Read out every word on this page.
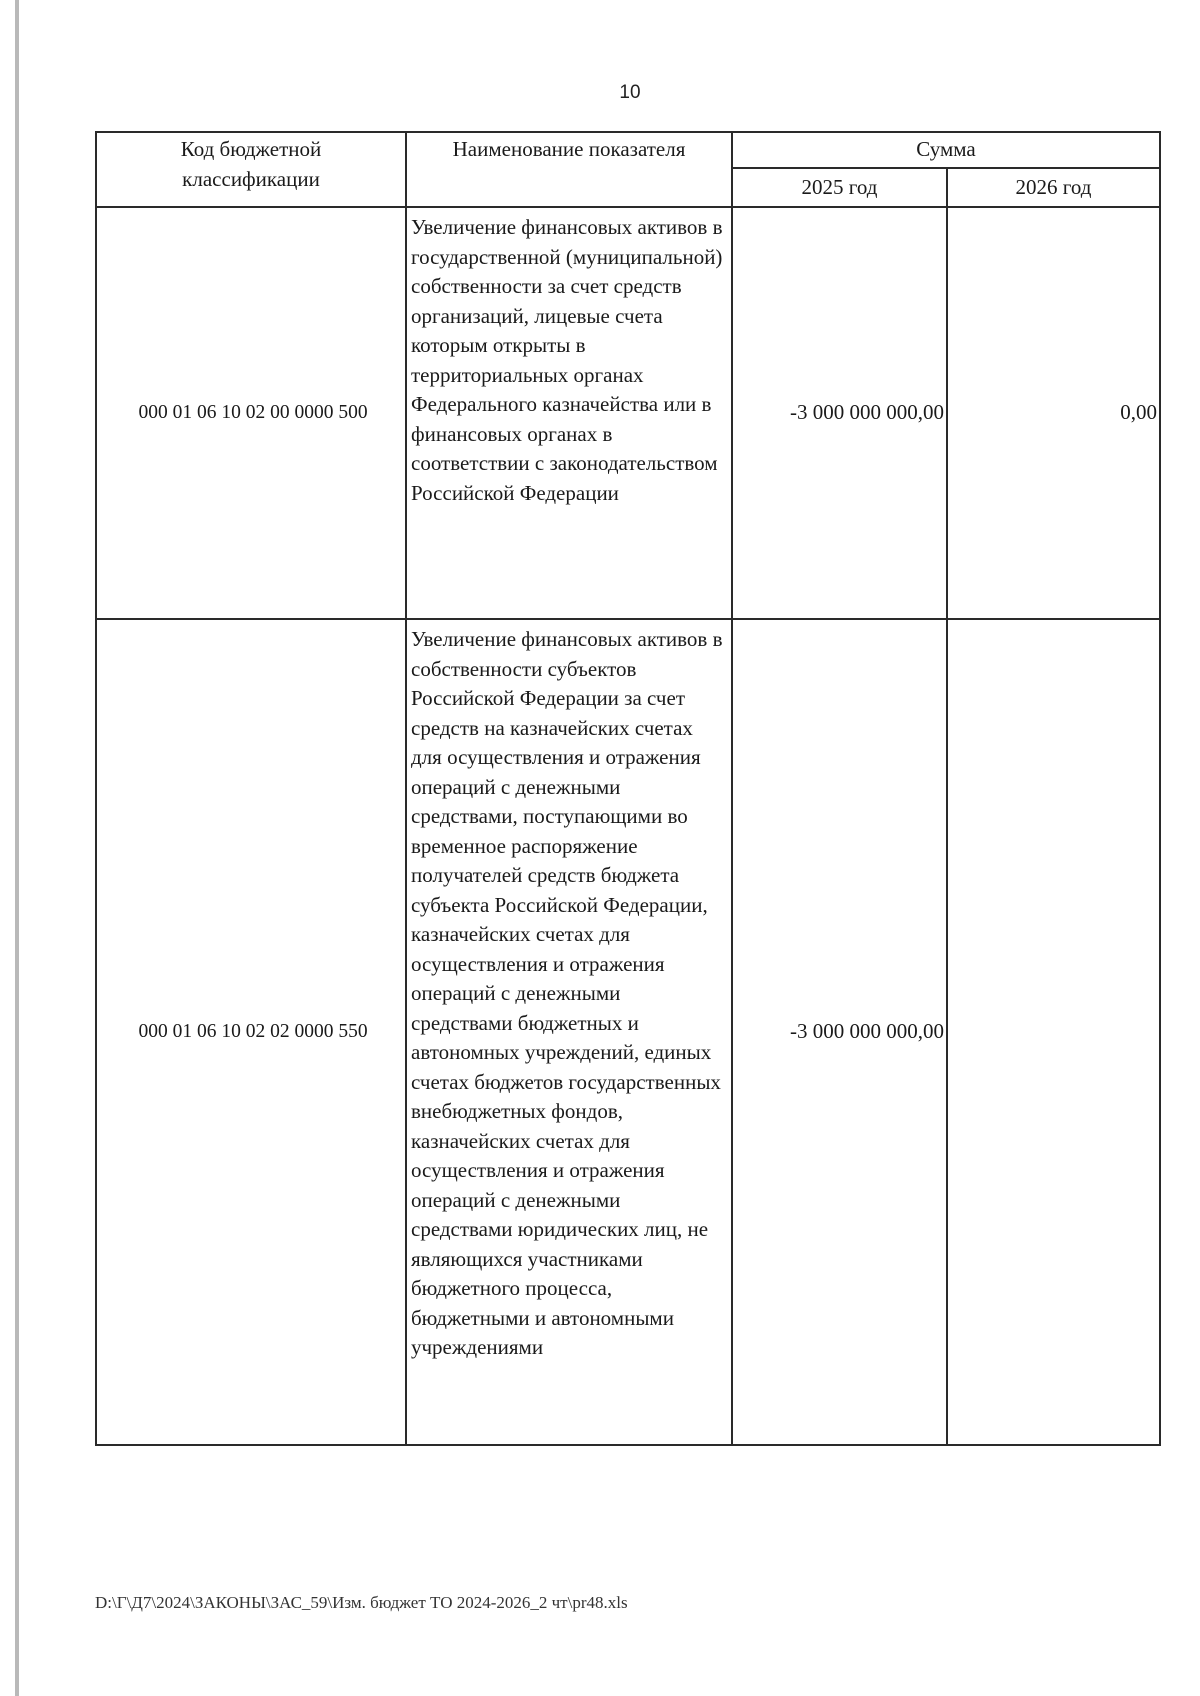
10
Код бюджетной классификации	Наименование показателя	Сумма	
		2025 год	2026 год
000 01 06 10 02 00 0000 500	Увеличение финансовых активов в государственной (муниципальной) собственности за счет средств организаций, лицевые счета которым открыты в территориальных органах Федерального казначейства или в финансовых органах в соответствии с законодательством Российской Федерации	-3 000 000 000,00	0,00
000 01 06 10 02 02 0000 550	Увеличение финансовых активов в собственности субъектов Российской Федерации за счет средств на казначейских счетах для осуществления и отражения операций с денежными средствами, поступающими во временное распоряжение получателей средств бюджета субъекта Российской Федерации, казначейских счетах для осуществления и отражения операций с денежными средствами бюджетных и автономных учреждений, единых счетах бюджетов государственных внебюджетных фондов, казначейских счетах для осуществления и отражения операций с денежными средствами юридических лиц, не являющихся участниками бюджетного процесса, бюджетными и автономными учреждениями	-3 000 000 000,00	
D:\Г\Д7\2024\ЗАКОНЫ\ЗАС_59\Изм. бюджет ТО 2024-2026_2 чт\pr48.xls
